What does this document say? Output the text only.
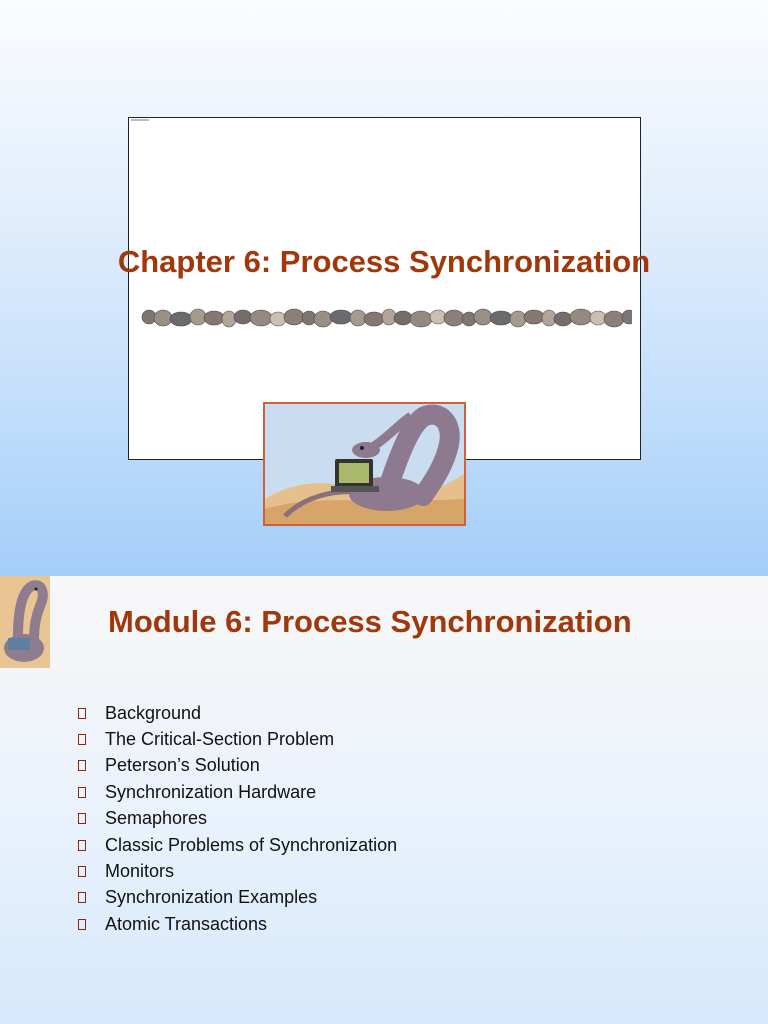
Chapter 6: Process Synchronization
Module 6: Process Synchronization
Background
The Critical-Section Problem
Peterson’s Solution
Synchronization Hardware
Semaphores
Classic Problems of Synchronization
Monitors
Synchronization Examples
Atomic Transactions
